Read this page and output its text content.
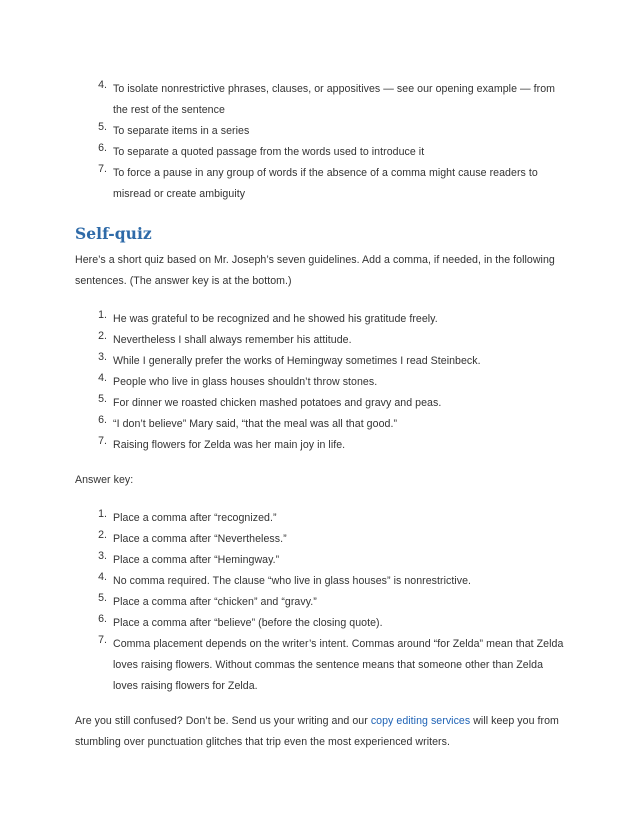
4. To isolate nonrestrictive phrases, clauses, or appositives — see our opening example — from
the rest of the sentence
5. To separate items in a series
6. To separate a quoted passage from the words used to introduce it
7. To force a pause in any group of words if the absence of a comma might cause readers to
misread or create ambiguity
Self-quiz
Here’s a short quiz based on Mr. Joseph’s seven guidelines. Add a comma, if needed, in the following
sentences. (The answer key is at the bottom.)
1. He was grateful to be recognized and he showed his gratitude freely.
2. Nevertheless I shall always remember his attitude.
3. While I generally prefer the works of Hemingway sometimes I read Steinbeck.
4. People who live in glass houses shouldn’t throw stones.
5. For dinner we roasted chicken mashed potatoes and gravy and peas.
6. “I don’t believe” Mary said, “that the meal was all that good.”
7. Raising flowers for Zelda was her main joy in life.
Answer key:
1. Place a comma after “recognized.”
2. Place a comma after “Nevertheless.”
3. Place a comma after “Hemingway.”
4. No comma required. The clause “who live in glass houses” is nonrestrictive.
5. Place a comma after “chicken” and “gravy.”
6. Place a comma after “believe” (before the closing quote).
7. Comma placement depends on the writer’s intent. Commas around “for Zelda” mean that Zelda
loves raising flowers. Without commas the sentence means that someone other than Zelda
loves raising flowers for Zelda.
Are you still confused? Don’t be. Send us your writing and our copy editing services will keep you from
stumbling over punctuation glitches that trip even the most experienced writers.
